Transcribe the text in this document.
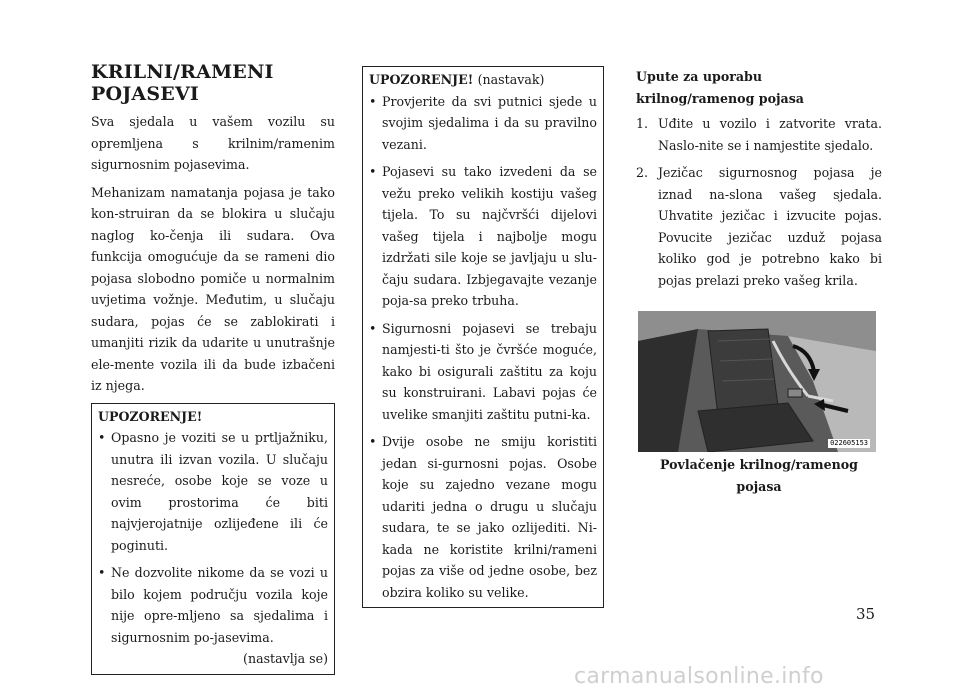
KRILNI/RAMENI POJASEVI

Sva sjedala u vašem vozilu su opremljena s krilnim/ramenim sigurnosnim pojasevima.

Mehanizam namatanja pojasa je tako kon-struiran da se blokira u slučaju naglog ko-čenja ili sudara. Ova funkcija omogućuje da se rameni dio pojasa slobodno pomiče u normalnim uvjetima vožnje. Međutim, u slučaju sudara, pojas će se zablokirati i umanjiti rizik da udarite u unutrašnje ele-mente vozila ili da bude izbačeni iz njega.

UPOZORENJE!
• Opasno je voziti se u prtljažniku, unutra ili izvan vozila. U slučaju nesreće, osobe koje se voze u ovim prostorima će biti najvjerojatnije ozlijeđene ili će poginuti.
• Ne dozvolite nikome da se vozi u bilo kojem području vozila koje nije opre-mljeno sa sjedalima i sigurnosnim po-jasevima.
(nastavlja se)
UPOZORENJE! (nastavak)
• Provjerite da svi putnici sjede u svojim sjedalima i da su pravilno vezani.
• Pojasevi su tako izvedeni da se vežu preko velikih kostiju vašeg tijela. To su najčvršći dijelovi vašeg tijela i najbolje mogu izdržati sile koje se javljaju u slu-čaju sudara. Izbjegavajte vezanje poja-sa preko trbuha.
• Sigurnosni pojasevi se trebaju namjesti-ti što je čvršće moguće, kako bi osigurali zaštitu za koju su konstruirani. Labavi pojas će uvelike smanjiti zaštitu putni-ka.
• Dvije osobe ne smiju koristiti jedan si-gurnosni pojas. Osobe koje su zajedno vezane mogu udariti jedna o drugu u slučaju sudara, te se jako ozlijediti. Ni-kada ne koristite krilni/rameni pojas za više od jedne osobe, bez obzira koliko su velike.
Upute za uporabu krilnog/ramenog pojasa
1. Uđite u vozilo i zatvorite vrata. Naslo-nite se i namjestite sjedalo.
2. Jezičac sigurnosnog pojasa je iznad na-slona vašeg sjedala. Uhvatite jezičac i izvucite pojas. Povucite jezičac uzduž pojasa koliko god je potrebno kako bi pojas prelazi preko vašeg krila.
022605153
Povlačenje krilnog/ramenog pojasa
35
carmanualsonline.info
